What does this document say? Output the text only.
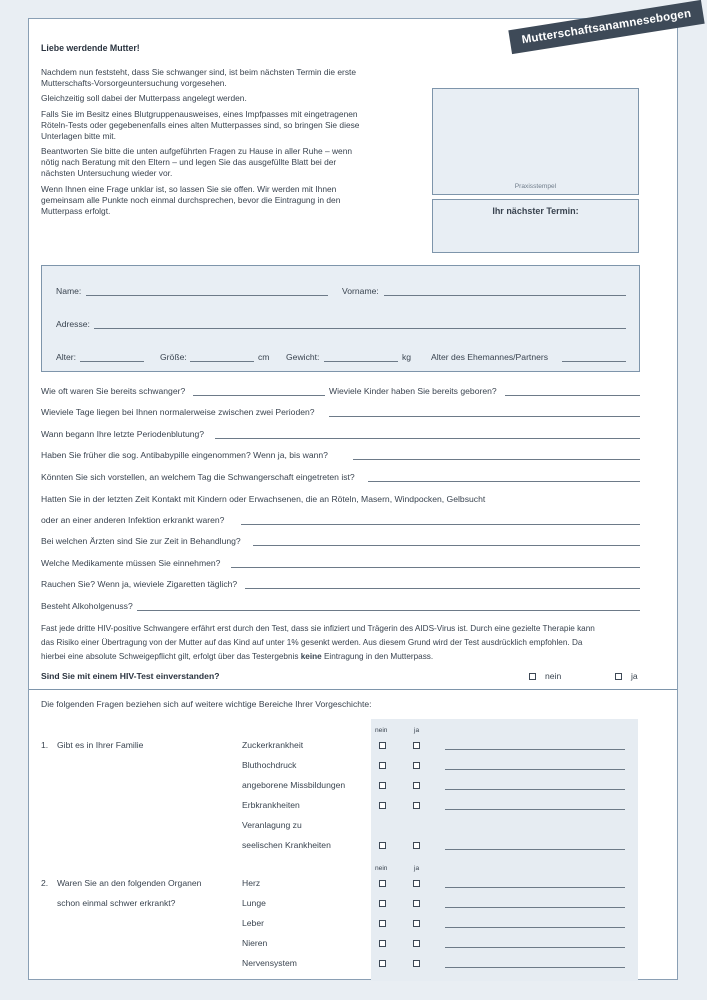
Mutterschaftsanamnesebogen
Liebe werdende Mutter!

Nachdem nun feststeht, dass Sie schwanger sind, ist beim nächsten Termin die erste Mutterschafts-Vorsorgeuntersuchung vorgesehen.

Gleichzeitig soll dabei der Mutterpass angelegt werden.

Falls Sie im Besitz eines Blutgruppenausweises, eines Impfpasses mit eingetragenen Röteln-Tests oder gegebenenfalls eines alten Mutterpasses sind, so bringen Sie diese Unterlagen bitte mit.

Beantworten Sie bitte die unten aufgeführten Fragen zu Hause in aller Ruhe – wenn nötig nach Beratung mit den Eltern – und legen Sie das ausgefüllte Blatt bei der nächsten Untersuchung wieder vor.

Wenn Ihnen eine Frage unklar ist, so lassen Sie sie offen. Wir werden mit Ihnen gemeinsam alle Punkte noch einmal durchsprechen, bevor die Eintragung in den Mutterpass erfolgt.

Praxisstempel
Ihr nächster Termin:
Name:	Vorname:
Adresse:
Alter:	Größe:	cm Gewicht:	kg Alter des Ehemannes/Partners
Wie oft waren Sie bereits schwanger?	Wieviele Kinder haben Sie bereits geboren?
Wieviele Tage liegen bei Ihnen normalerweise zwischen zwei Perioden?
Wann begann Ihre letzte Periodenblutung?
Haben Sie früher die sog. Antibabypille eingenommen? Wenn ja, bis wann?
Könnten Sie sich vorstellen, an welchem Tag die Schwangerschaft eingetreten ist?
Hatten Sie in der letzten Zeit Kontakt mit Kindern oder Erwachsenen, die an Röteln, Masern, Windpocken, Gelbsucht
oder an einer anderen Infektion erkrankt waren?
Bei welchen Ärzten sind Sie zur Zeit in Behandlung?
Welche Medikamente müssen Sie einnehmen?
Rauchen Sie? Wenn ja, wieviele Zigaretten täglich?
Besteht Alkoholgenuss?
Fast jede dritte HIV-positive Schwangere erfährt erst durch den Test, dass sie infiziert und Trägerin des AIDS-Virus ist. Durch eine gezielte Therapie kann
das Risiko einer Übertragung von der Mutter auf das Kind auf unter 1% gesenkt werden. Aus diesem Grund wird der Test ausdrücklich empfohlen. Da
hierbei eine absolute Schweigepflicht gilt, erfolgt über das Testergebnis keine Eintragung in den Mutterpass.
Sind Sie mit einem HIV-Test einverstanden?	nein	ja
Die folgenden Fragen beziehen sich auf weitere wichtige Bereiche Ihrer Vorgeschichte:
nein	ja
1. Gibt es in Ihrer Familie	Zuckerkrankheit
Bluthochdruck
angeborene Missbildungen
Erbkrankheiten
Veranlagung zu
seelischen Krankheiten
nein	ja
2. Waren Sie an den folgenden Organen
schon einmal schwer erkrankt?
Herz
Lunge
Leber
Nieren
Nervensystem
